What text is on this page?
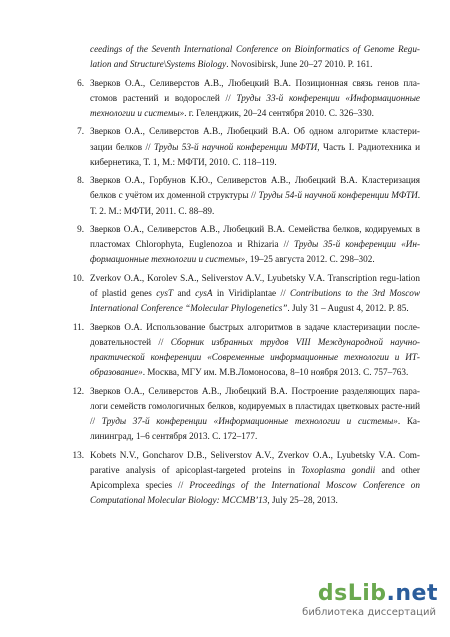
ceedings of the Seventh International Conference on Bioinformatics of Genome Regu-lation and Structure\Systems Biology. Novosibirsk, June 20–27 2010. P. 161.
6. Зверков О.А., Селиверстов А.В., Любецкий В.А. Позиционная связь генов пла-стомов растений и водорослей // Труды 33-й конференции «Информационные технологии и системы». г. Геленджик, 20–24 сентября 2010. С. 326–330.
7. Зверков О.А., Селиверстов А.В., Любецкий В.А. Об одном алгоритме кластери-зации белков // Труды 53-й научной конференции МФТИ, Часть I. Радиотехника и кибернетика, Т. 1, М.: МФТИ, 2010. С. 118–119.
8. Зверков О.А., Горбунов К.Ю., Селиверстов А.В., Любецкий В.А. Кластеризация белков с учётом их доменной структуры // Труды 54-й научной конференции МФТИ. Т. 2. М.: МФТИ, 2011. С. 88–89.
9. Зверков О.А., Селиверстов А.В., Любецкий В.А. Семейства белков, кодируемых в пластомах Chlorophyta, Euglenozoa и Rhizaria // Труды 35-й конференции «Ин-формационные технологии и системы», 19–25 августа 2012. С. 298–302.
10. Zverkov O.A., Korolev S.A., Seliverstov A.V., Lyubetsky V.A. Transcription regu-lation of plastid genes cysT and cysA in Viridiplantae // Contributions to the 3rd Moscow International Conference “Molecular Phylogenetics”. July 31 – August 4, 2012. P. 85.
11. Зверков О.А. Использование быстрых алгоритмов в задаче кластеризации после-довательностей // Сборник избранных трудов VIII Международной научно-практической конференции «Современные информационные технологии и ИТ-образование». Москва, МГУ им. М.В.Ломоносова, 8–10 ноября 2013. С. 757–763.
12. Зверков О.А., Селиверстов А.В., Любецкий В.А. Построение разделяющих пара-логи семейств гомологичных белков, кодируемых в пластидах цветковых расте-ний // Труды 37-й конференции «Информационные технологии и системы». Ка-лининград, 1–6 сентября 2013. С. 172–177.
13. Kobets N.V., Goncharov D.B., Seliverstov A.V., Zverkov O.A., Lyubetsky V.A. Com-parative analysis of apicoplast-targeted proteins in Toxoplasma gondii and other Apicomplexa species // Proceedings of the International Moscow Conference on Computational Molecular Biology: MCCMB’13, July 25–28, 2013.
dsLib.net
библиотека диссертаций
